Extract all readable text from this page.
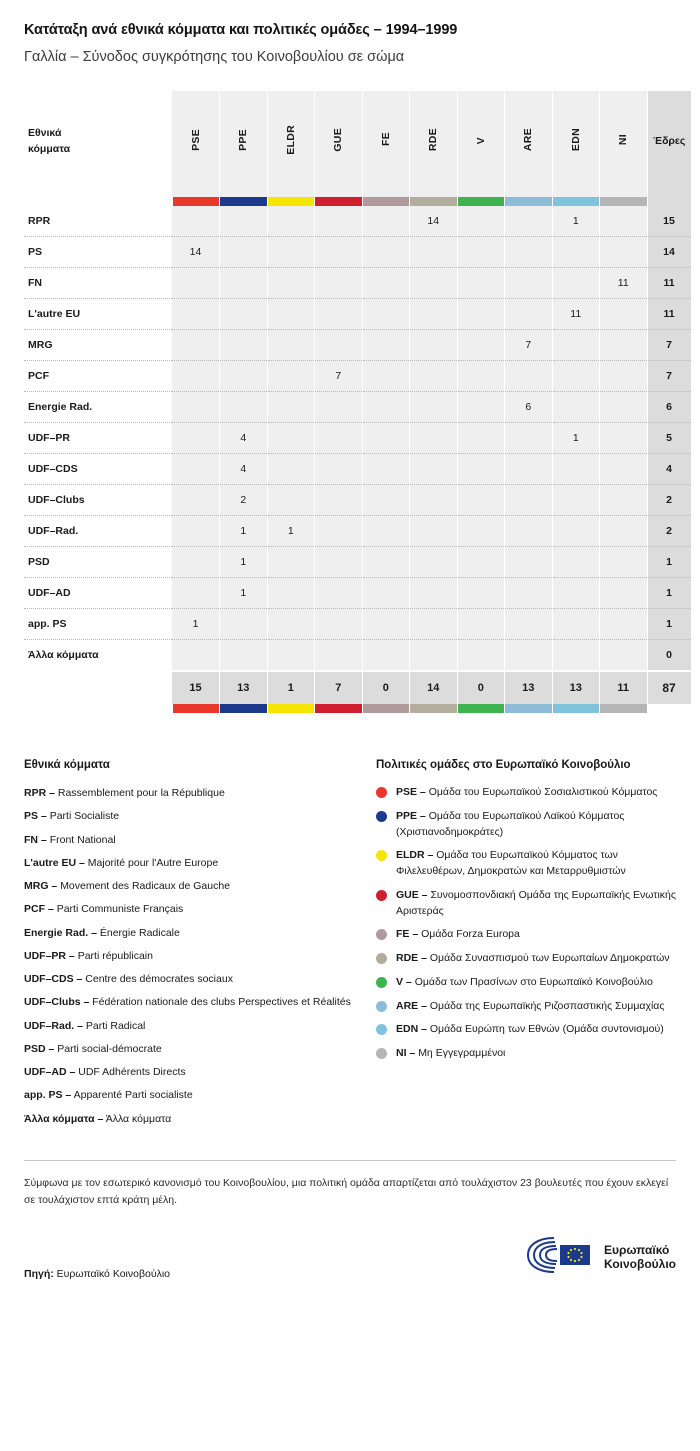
Κατάταξη ανά εθνικά κόμματα και πολιτικές ομάδες – 1994–1999
Γαλλία – Σύνοδος συγκρότησης του Κοινοβουλίου σε σώμα
Εθνικά
κόμματα	PSE	PPE	ELDR	GUE	FE	RDE	V	ARE	EDN	NI	Έδρες

RPR						14			1		15
PS	14										14
FN										11	11
L'autre EU									11		11
MRG								7			7
PCF				7							7
Energie Rad.								6			6
UDF–PR		4							1		5
UDF–CDS		4									4
UDF–Clubs		2									2
UDF–Rad.		1	1								2
PSD		1									1
UDF–AD		1									1
app. PS	1										1
Άλλα κόμματα											0
	15	13	1	7	0	14	0	13	13	11	87

Εθνικά κόμματα
RPR – Rassemblement pour la République
PS – Parti Socialiste
FN – Front National
L'autre EU – Majorité pour l'Autre Europe
MRG – Movement des Radicaux de Gauche
PCF – Parti Communiste Français
Energie Rad. – Énergie Radicale
UDF–PR – Parti républicain
UDF–CDS – Centre des démocrates sociaux
UDF–Clubs – Fédération nationale des clubs Perspectives et Réalités
UDF–Rad. – Parti Radical
PSD – Parti social-démocrate
UDF–AD – UDF Adhérents Directs
app. PS – Apparenté Parti socialiste
Άλλα κόμματα – Άλλα κόμματα
Πολιτικές ομάδες στο Ευρωπαϊκό Κοινοβούλιο
PSE – Ομάδα του Ευρωπαϊκού Σοσιαλιστικού Κόμματος
PPE – Ομάδα του Ευρωπαϊκού Λαϊκού Κόμματος (Χριστιανοδημοκράτες)
ELDR – Ομάδα του Ευρωπαϊκού Κόμματος των Φιλελευθέρων, Δημοκρατών και Μεταρρυθμιστών
GUE – Συνομοσπονδιακή Ομάδα της Ευρωπαϊκής Ενωτικής Αριστεράς
FE – Ομάδα Forza Europa
RDE – Ομάδα Συνασπισμού των Ευρωπαίων Δημοκρατών
V – Ομάδα των Πρασίνων στο Ευρωπαϊκό Κοινοβούλιο
ARE – Ομάδα της Ευρωπαϊκής Ριζοσπαστικής Συμμαχίας
EDN – Ομάδα Ευρώπη των Εθνών (Ομάδα συντονισμού)
NI – Μη Εγγεγραμμένοι
Σύμφωνα με τον εσωτερικό κανονισμό του Κοινοβουλίου, μια πολιτική ομάδα απαρτίζεται από τουλάχιστον 23 βουλευτές που έχουν εκλεγεί σε τουλάχιστον επτά κράτη μέλη.
Πηγή: Ευρωπαϊκό Κοινοβούλιο
Ευρωπαϊκό
Κοινοβούλιο
